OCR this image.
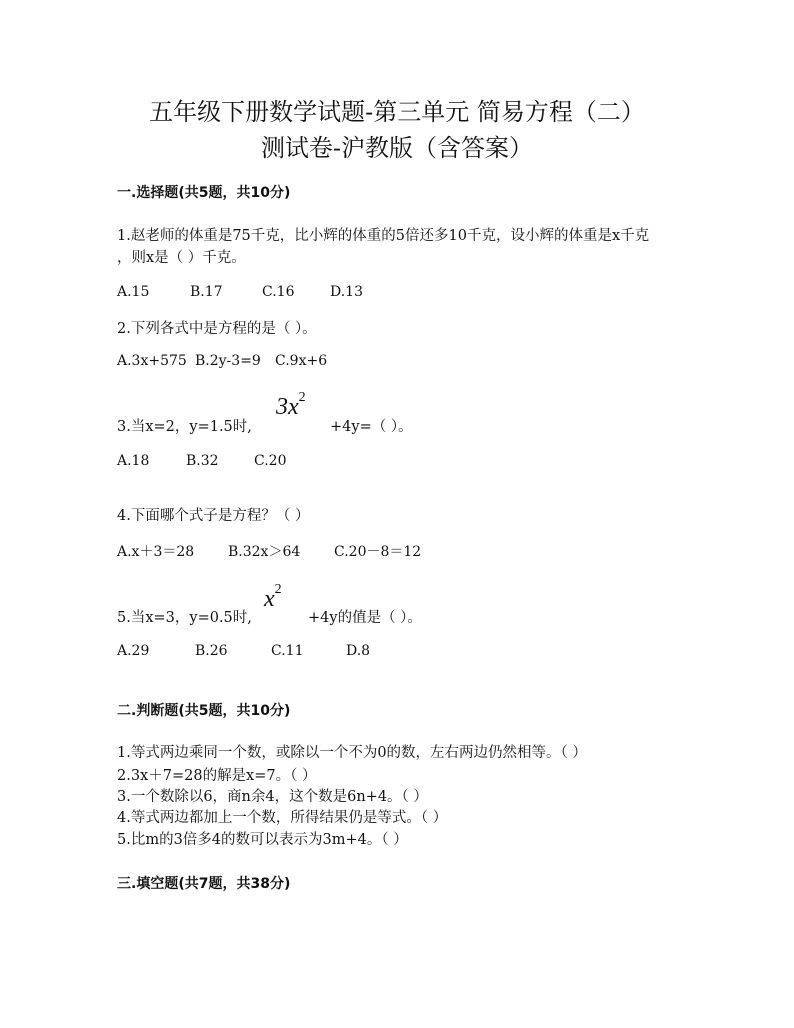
五年级下册数学试题-第三单元 简易方程（二）
测试卷-沪教版（含答案）
一.选择题(共5题，共10分)
1.赵老师的体重是75千克，比小辉的体重的5倍还多10千克，设小辉的体重是x千克
，则x是（ ）千克。
A.15	B.17	C.16	D.13
2.下列各式中是方程的是（ ）。
A.3x+575 B.2y-3=9 C.9x+6
3.当x=2，y=1.5时,
$3x^2$
+4y=（ ）。
A.18	B.32	C.20
4.下面哪个式子是方程？（ ）
A.x＋3＝28 B.32x＞64 C.20－8＝12
5.当x=3，y=0.5时,
$x^2$
+4y的值是（ ）。
A.29	B.26	C.11	D.8
二.判断题(共5题，共10分)
1.等式两边乘同一个数，或除以一个不为0的数，左右两边仍然相等。（ ）
2.3x＋7=28的解是x=7。（ ）
3.一个数除以6，商n余4，这个数是6n+4。（ ）
4.等式两边都加上一个数，所得结果仍是等式。（ ）
5.比m的3倍多4的数可以表示为3m+4。（ ）
三.填空题(共7题，共38分)
